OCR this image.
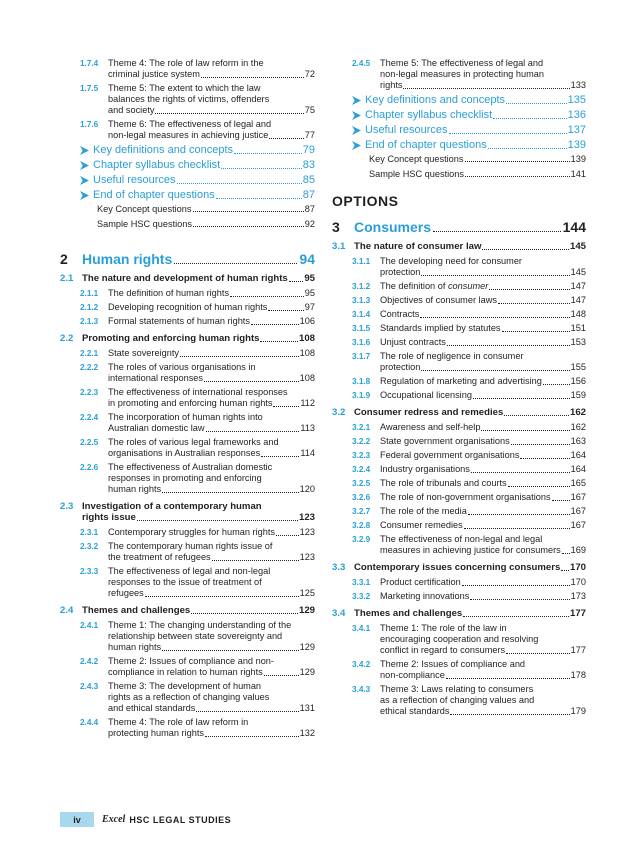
1.7.4	Theme 4: The role of law reform in the
criminal justice system	72
1.7.5	Theme 5: The extent to which the law
balances the rights of victims, offenders
and society	75
1.7.6	Theme 6: The effectiveness of legal and
non-legal measures in achieving justice	77
Key definitions and concepts	79
Chapter syllabus checklist	83
Useful resources	85
End of chapter questions	87
Key Concept questions	87
Sample HSC questions	92
2	Human rights	94
2.1 The nature and development of human rights 95
2.1.1	The definition of human rights	95
2.1.2	Developing recognition of human rights	97
2.1.3	Formal statements of human rights	106
2.2 Promoting and enforcing human rights	108
2.2.1	State sovereignty	108
2.2.2	The roles of various organisations in
international responses	108
2.2.3	The effectiveness of international responses
in promoting and enforcing human rights	112
2.2.4	The incorporation of human rights into
Australian domestic law	113
2.2.5	The roles of various legal frameworks and
organisations in Australian responses	114
2.2.6	The effectiveness of Australian domestic
responses in promoting and enforcing
human rights	120
2.3 Investigation of a contemporary human
rights issue	123
2.3.1	Contemporary struggles for human rights	123
2.3.2	The contemporary human rights issue of
the treatment of refugees	123
2.3.3	The effectiveness of legal and non-legal
responses to the issue of treatment of
refugees	125
2.4 Themes and challenges	129
2.4.1	Theme 1: The changing understanding of the
relationship between state sovereignty and
human rights	129
2.4.2	Theme 2: Issues of compliance and non-
compliance in relation to human rights	129
2.4.3	Theme 3: The development of human
rights as a reflection of changing values
and ethical standards	131
2.4.4	Theme 4: The role of law reform in
protecting human rights	132
2.4.5	Theme 5: The effectiveness of legal and
non-legal measures in protecting human
rights	133
Key definitions and concepts	135
Chapter syllabus checklist	136
Useful resources	137
End of chapter questions	139
Key Concept questions	139
Sample HSC questions	141
OPTIONS
3	Consumers	144
3.1 The nature of consumer law	145
3.1.1	The developing need for consumer
protection	145
3.1.2	The definition of consumer	147
3.1.3	Objectives of consumer laws	147
3.1.4	Contracts	148
3.1.5	Standards implied by statutes	151
3.1.6	Unjust contracts	153
3.1.7	The role of negligence in consumer
protection	155
3.1.8	Regulation of marketing and advertising	156
3.1.9	Occupational licensing	159
3.2 Consumer redress and remedies	162
3.2.1	Awareness and self-help	162
3.2.2	State government organisations	163
3.2.3	Federal government organisations	164
3.2.4	Industry organisations	164
3.2.5	The role of tribunals and courts	165
3.2.6	The role of non-government organisations 167
3.2.7	The role of the media	167
3.2.8	Consumer remedies	167
3.2.9	The effectiveness of non-legal and legal
measures in achieving justice for consumers 169
3.3 Contemporary issues concerning consumers 170
3.3.1	Product certification	170
3.3.2	Marketing innovations	173
3.4 Themes and challenges	177
3.4.1	Theme 1: The role of the law in
encouraging cooperation and resolving
conflict in regard to consumers	177
3.4.2	Theme 2: Issues of compliance and
non-compliance	178
3.4.3	Theme 3: Laws relating to consumers
as a reflection of changing values and
ethical standards	179
iv	Excel HSC LEGAL STUDIES
